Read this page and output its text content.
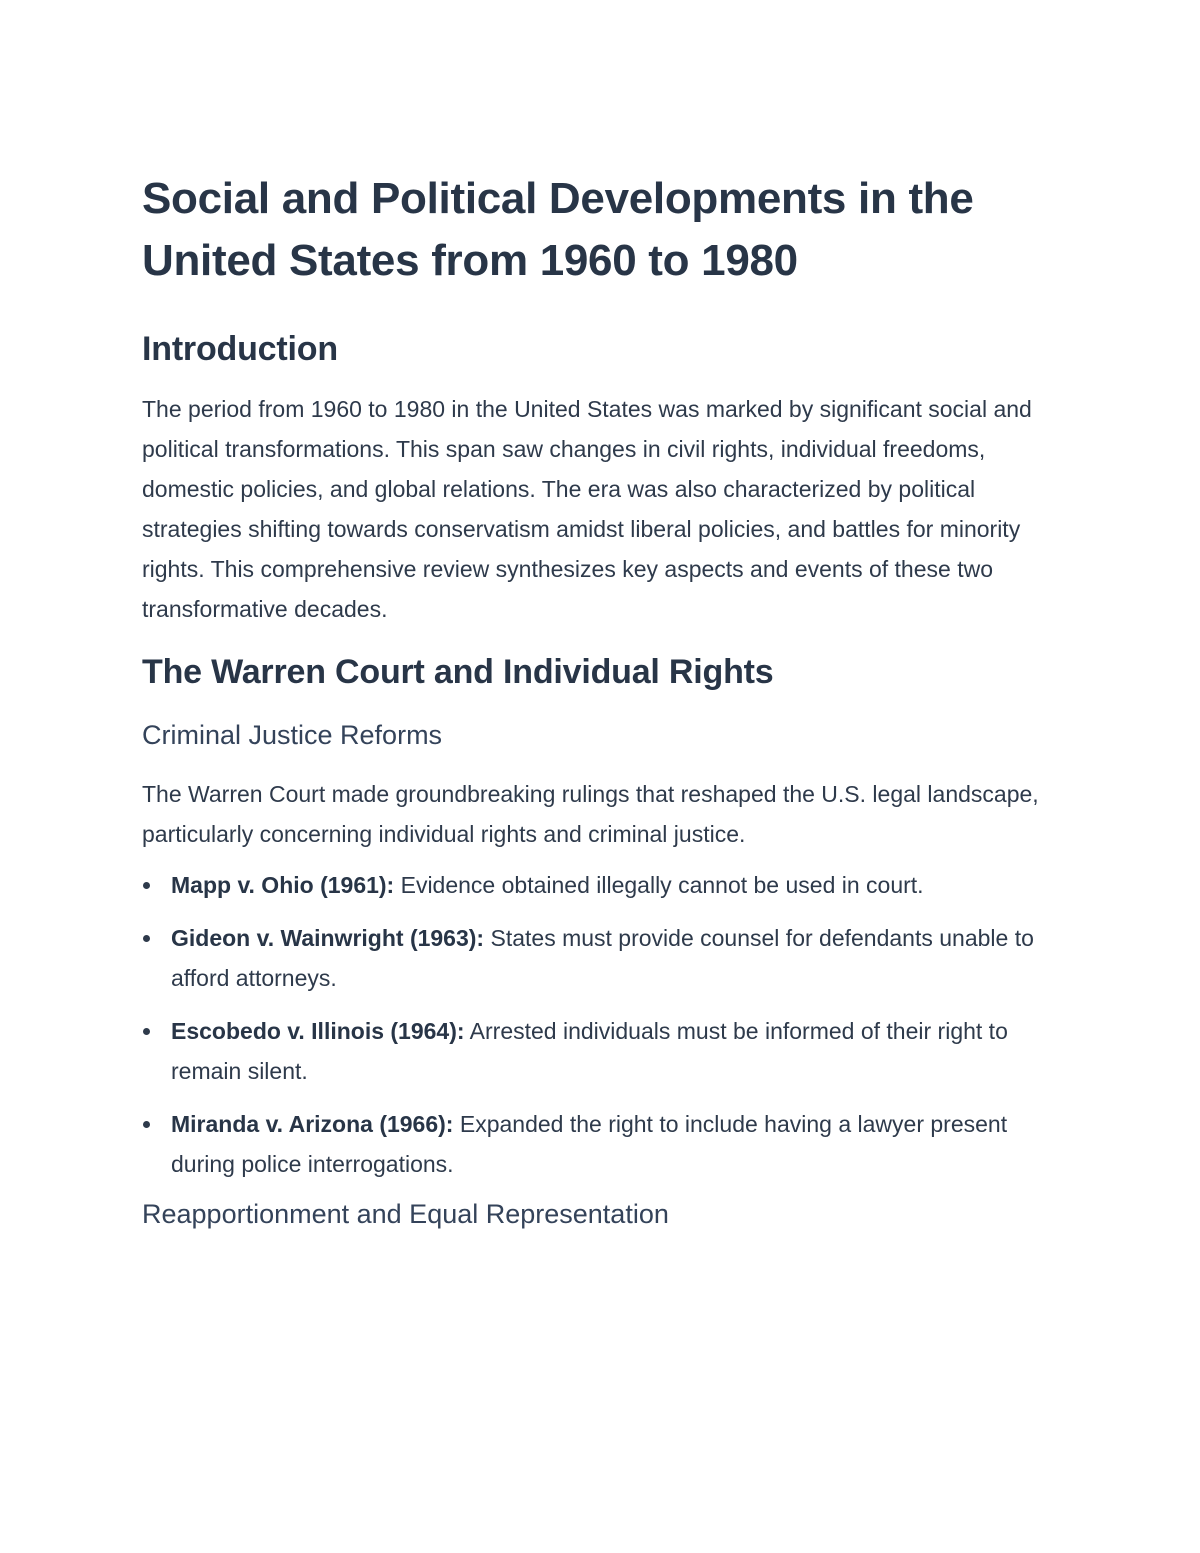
Social and Political Developments in the United States from 1960 to 1980
Introduction

The period from 1960 to 1980 in the United States was marked by significant social and political transformations. This span saw changes in civil rights, individual freedoms, domestic policies, and global relations. The era was also characterized by political strategies shifting towards conservatism amidst liberal policies, and battles for minority rights. This comprehensive review synthesizes key aspects and events of these two transformative decades.

The Warren Court and Individual Rights
Criminal Justice Reforms

The Warren Court made groundbreaking rulings that reshaped the U.S. legal landscape, particularly concerning individual rights and criminal justice.

Mapp v. Ohio (1961): Evidence obtained illegally cannot be used in court.
Gideon v. Wainwright (1963): States must provide counsel for defendants unable to afford attorneys.
Escobedo v. Illinois (1964): Arrested individuals must be informed of their right to remain silent.
Miranda v. Arizona (1966): Expanded the right to include having a lawyer present during police interrogations.
Reapportionment and Equal Representation
